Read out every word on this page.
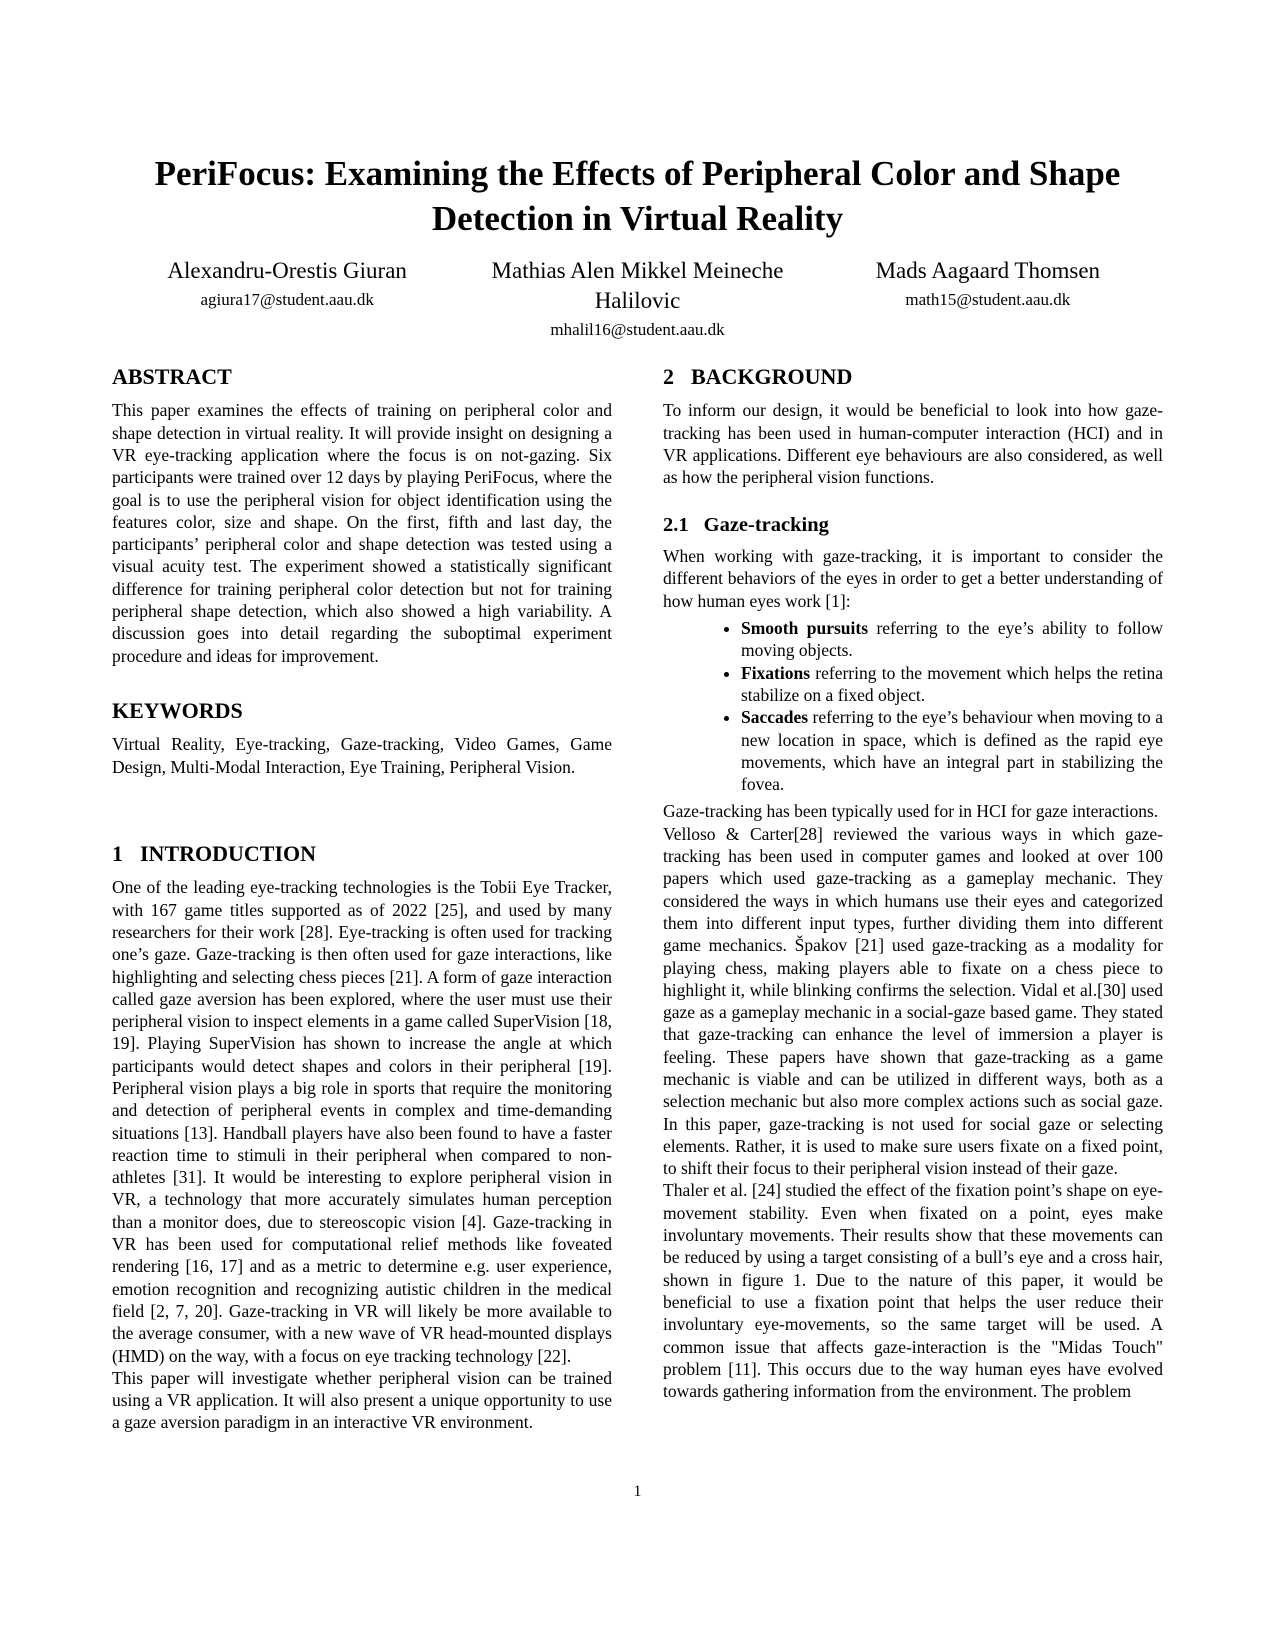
PeriFocus: Examining the Effects of Peripheral Color and Shape Detection in Virtual Reality
Alexandru-Orestis Giuran
agiura17@student.aau.dk
Mathias Alen Mikkel Meineche Halilovic
mhalil16@student.aau.dk
Mads Aagaard Thomsen
math15@student.aau.dk
ABSTRACT

This paper examines the effects of training on peripheral color and shape detection in virtual reality. It will provide insight on designing a VR eye-tracking application where the focus is on not-gazing. Six participants were trained over 12 days by playing PeriFocus, where the goal is to use the peripheral vision for object identification using the features color, size and shape. On the first, fifth and last day, the participants’ peripheral color and shape detection was tested using a visual acuity test. The experiment showed a statistically significant difference for training peripheral color detection but not for training peripheral shape detection, which also showed a high variability. A discussion goes into detail regarding the suboptimal experiment procedure and ideas for improvement.

KEYWORDS

Virtual Reality, Eye-tracking, Gaze-tracking, Video Games, Game Design, Multi-Modal Interaction, Eye Training, Peripheral Vision.

1 INTRODUCTION

One of the leading eye-tracking technologies is the Tobii Eye Tracker, with 167 game titles supported as of 2022 [25], and used by many researchers for their work [28]. Eye-tracking is often used for tracking one’s gaze. Gaze-tracking is then often used for gaze interactions, like highlighting and selecting chess pieces [21]. A form of gaze interaction called gaze aversion has been explored, where the user must use their peripheral vision to inspect elements in a game called SuperVision [18, 19]. Playing SuperVision has shown to increase the angle at which participants would detect shapes and colors in their peripheral [19]. Peripheral vision plays a big role in sports that require the monitoring and detection of peripheral events in complex and time-demanding situations [13]. Handball players have also been found to have a faster reaction time to stimuli in their peripheral when compared to non-athletes [31]. It would be interesting to explore peripheral vision in VR, a technology that more accurately simulates human perception than a monitor does, due to stereoscopic vision [4]. Gaze-tracking in VR has been used for computational relief methods like foveated rendering [16, 17] and as a metric to determine e.g. user experience, emotion recognition and recognizing autistic children in the medical field [2, 7, 20]. Gaze-tracking in VR will likely be more available to the average consumer, with a new wave of VR head-mounted displays (HMD) on the way, with a focus on eye tracking technology [22].

This paper will investigate whether peripheral vision can be trained using a VR application. It will also present a unique opportunity to use a gaze aversion paradigm in an interactive VR environment.

2 BACKGROUND

To inform our design, it would be beneficial to look into how gaze-tracking has been used in human-computer interaction (HCI) and in VR applications. Different eye behaviours are also considered, as well as how the peripheral vision functions.

2.1 Gaze-tracking

When working with gaze-tracking, it is important to consider the different behaviors of the eyes in order to get a better understanding of how human eyes work [1]:

• Smooth pursuits referring to the eye’s ability to follow moving objects.
• Fixations referring to the movement which helps the retina stabilize on a fixed object.
• Saccades referring to the eye’s behaviour when moving to a new location in space, which is defined as the rapid eye movements, which have an integral part in stabilizing the fovea.

Gaze-tracking has been typically used for in HCI for gaze interactions.

Velloso & Carter[28] reviewed the various ways in which gaze-tracking has been used in computer games and looked at over 100 papers which used gaze-tracking as a gameplay mechanic. They considered the ways in which humans use their eyes and categorized them into different input types, further dividing them into different game mechanics. Špakov [21] used gaze-tracking as a modality for playing chess, making players able to fixate on a chess piece to highlight it, while blinking confirms the selection. Vidal et al.[30] used gaze as a gameplay mechanic in a social-gaze based game. They stated that gaze-tracking can enhance the level of immersion a player is feeling. These papers have shown that gaze-tracking as a game mechanic is viable and can be utilized in different ways, both as a selection mechanic but also more complex actions such as social gaze. In this paper, gaze-tracking is not used for social gaze or selecting elements. Rather, it is used to make sure users fixate on a fixed point, to shift their focus to their peripheral vision instead of their gaze.

Thaler et al. [24] studied the effect of the fixation point’s shape on eye-movement stability. Even when fixated on a point, eyes make involuntary movements. Their results show that these movements can be reduced by using a target consisting of a bull’s eye and a cross hair, shown in figure 1. Due to the nature of this paper, it would be beneficial to use a fixation point that helps the user reduce their involuntary eye-movements, so the same target will be used. A common issue that affects gaze-interaction is the "Midas Touch" problem [11]. This occurs due to the way human eyes have evolved towards gathering information from the environment. The problem

1
